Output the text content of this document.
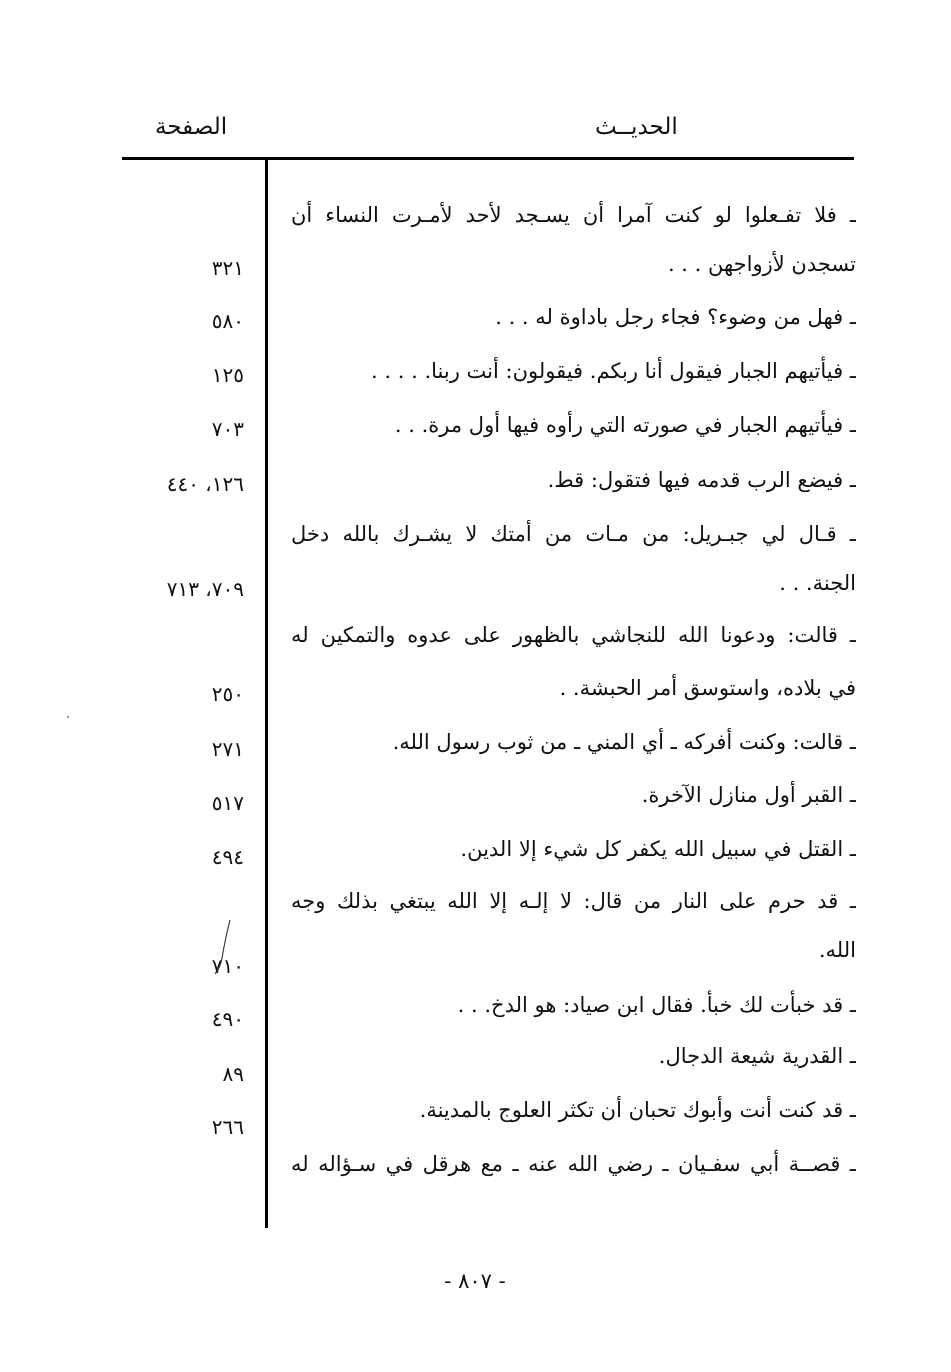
الحديــث
الصفحة
ـ فلا تفـعلوا لو كنت آمرا أن يسـجد لأحد لأمـرت النساء أن
تسجدن لأزواجهن . . .
٣٢١
ـ فهل من وضوء؟ فجاء رجل باداوة له . . .
٥٨٠
ـ فيأتيهم الجبار فيقول أنا ربكم. فيقولون: أنت ربنا. . . . .
١٢٥
ـ فيأتيهم الجبار في صورته التي رأوه فيها أول مرة. . .
٧٠٣
ـ فيضع الرب قدمه فيها فتقول: قط.
١٢٦، ٤٤٠
ـ قـال لي جبـريل: من مـات من أمتك لا يشـرك بالله دخل
الجنة. . .
٧٠٩، ٧١٣
ـ قالت: ودعونا الله للنجاشي بالظهور على عدوه والتمكين له
في بلاده، واستوسق أمر الحبشة. .
٢٥٠
ـ قالت: وكنت أفركه ـ أي المني ـ من ثوب رسول الله.
٢٧١
ـ القبر أول منازل الآخرة.
٥١٧
ـ القتل في سبيل الله يكفر كل شيء إلا الدين.
٤٩٤
ـ قد حرم على النار من قال: لا إلـه إلا الله يبتغي بذلك وجه
الله.
٧١٠
ـ قد خبأت لك خبأ. فقال ابن صياد: هو الدخ. . .
٤٩٠
ـ القدرية شيعة الدجال.
٨٩
ـ قد كنت أنت وأبوك تحبان أن تكثر العلوج بالمدينة.
٢٦٦
ـ قصــة أبي سفـيان ـ رضي الله عنه ـ مع هرقل في سـؤاله له
- ٨٠٧ -
